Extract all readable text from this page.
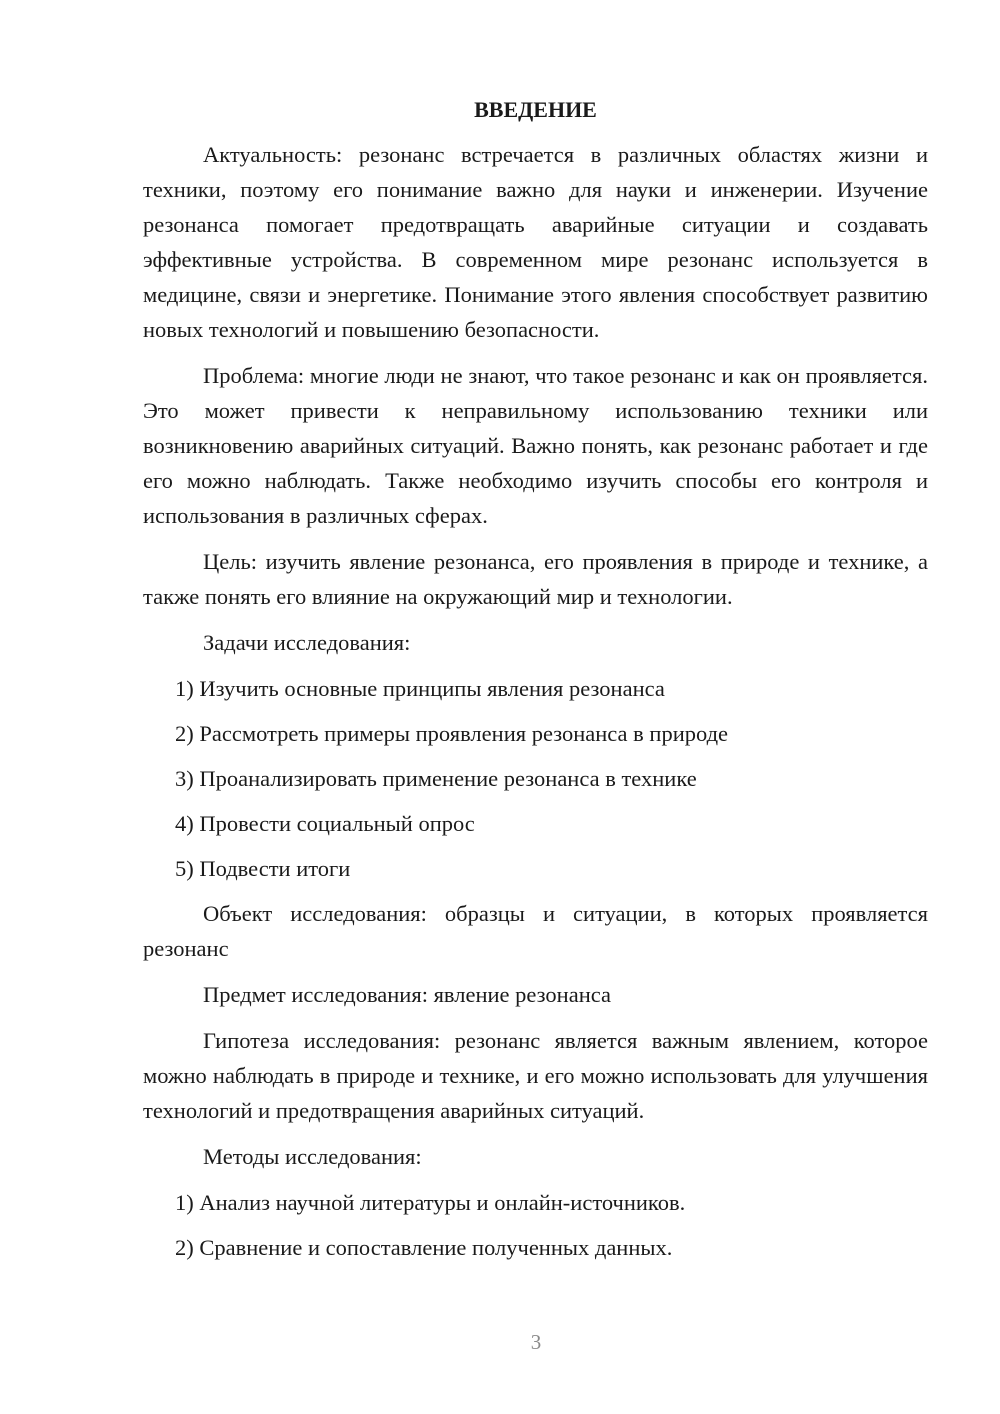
ВВЕДЕНИЕ

Актуальность: резонанс встречается в различных областях жизни и техники, поэтому его понимание важно для науки и инженерии. Изучение резонанса помогает предотвращать аварийные ситуации и создавать эффективные устройства. В современном мире резонанс используется в медицине, связи и энергетике. Понимание этого явления способствует развитию новых технологий и повышению безопасности.

Проблема: многие люди не знают, что такое резонанс и как он проявляется. Это может привести к неправильному использованию техники или возникновению аварийных ситуаций. Важно понять, как резонанс работает и где его можно наблюдать. Также необходимо изучить способы его контроля и использования в различных сферах.

Цель: изучить явление резонанса, его проявления в природе и технике, а также понять его влияние на окружающий мир и технологии.

Задачи исследования:

1) Изучить основные принципы явления резонанса
2) Рассмотреть примеры проявления резонанса в природе
3) Проанализировать применение резонанса в технике
4) Провести социальный опрос
5) Подвести итоги

Объект исследования: образцы и ситуации, в которых проявляется резонанс

Предмет исследования: явление резонанса

Гипотеза исследования: резонанс является важным явлением, которое можно наблюдать в природе и технике, и его можно использовать для улучшения технологий и предотвращения аварийных ситуаций.

Методы исследования:

1) Анализ научной литературы и онлайн-источников.
2) Сравнение и сопоставление полученных данных.
3
